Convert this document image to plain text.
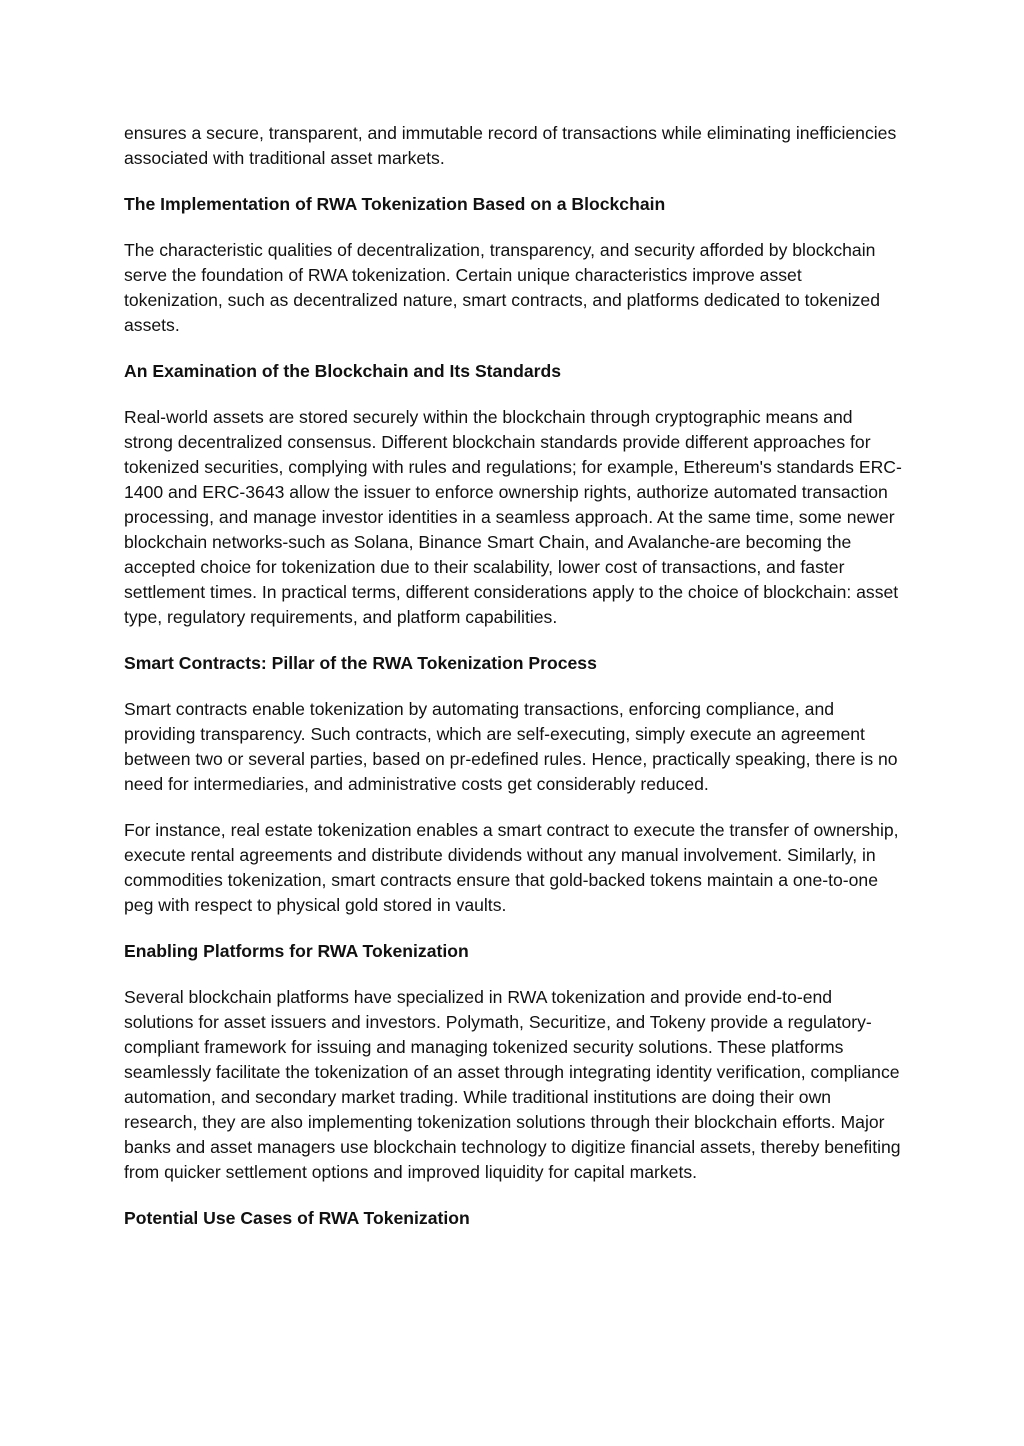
ensures a secure, transparent, and immutable record of transactions while eliminating inefficiencies associated with traditional asset markets.

The Implementation of RWA Tokenization Based on a Blockchain

The characteristic qualities of decentralization, transparency, and security afforded by blockchain serve the foundation of RWA tokenization. Certain unique characteristics improve asset tokenization, such as decentralized nature, smart contracts, and platforms dedicated to tokenized assets.

An Examination of the Blockchain and Its Standards

Real-world assets are stored securely within the blockchain through cryptographic means and strong decentralized consensus. Different blockchain standards provide different approaches for tokenized securities, complying with rules and regulations; for example, Ethereum's standards ERC-1400 and ERC-3643 allow the issuer to enforce ownership rights, authorize automated transaction processing, and manage investor identities in a seamless approach. At the same time, some newer blockchain networks-such as Solana, Binance Smart Chain, and Avalanche-are becoming the accepted choice for tokenization due to their scalability, lower cost of transactions, and faster settlement times. In practical terms, different considerations apply to the choice of blockchain: asset type, regulatory requirements, and platform capabilities.

Smart Contracts: Pillar of the RWA Tokenization Process

Smart contracts enable tokenization by automating transactions, enforcing compliance, and providing transparency. Such contracts, which are self-executing, simply execute an agreement between two or several parties, based on pr-edefined rules. Hence, practically speaking, there is no need for intermediaries, and administrative costs get considerably reduced.

For instance, real estate tokenization enables a smart contract to execute the transfer of ownership, execute rental agreements and distribute dividends without any manual involvement. Similarly, in commodities tokenization, smart contracts ensure that gold-backed tokens maintain a one-to-one peg with respect to physical gold stored in vaults.

Enabling Platforms for RWA Tokenization

Several blockchain platforms have specialized in RWA tokenization and provide end-to-end solutions for asset issuers and investors. Polymath, Securitize, and Tokeny provide a regulatory-compliant framework for issuing and managing tokenized security solutions. These platforms seamlessly facilitate the tokenization of an asset through integrating identity verification, compliance automation, and secondary market trading. While traditional institutions are doing their own research, they are also implementing tokenization solutions through their blockchain efforts. Major banks and asset managers use blockchain technology to digitize financial assets, thereby benefiting from quicker settlement options and improved liquidity for capital markets.

Potential Use Cases of RWA Tokenization
